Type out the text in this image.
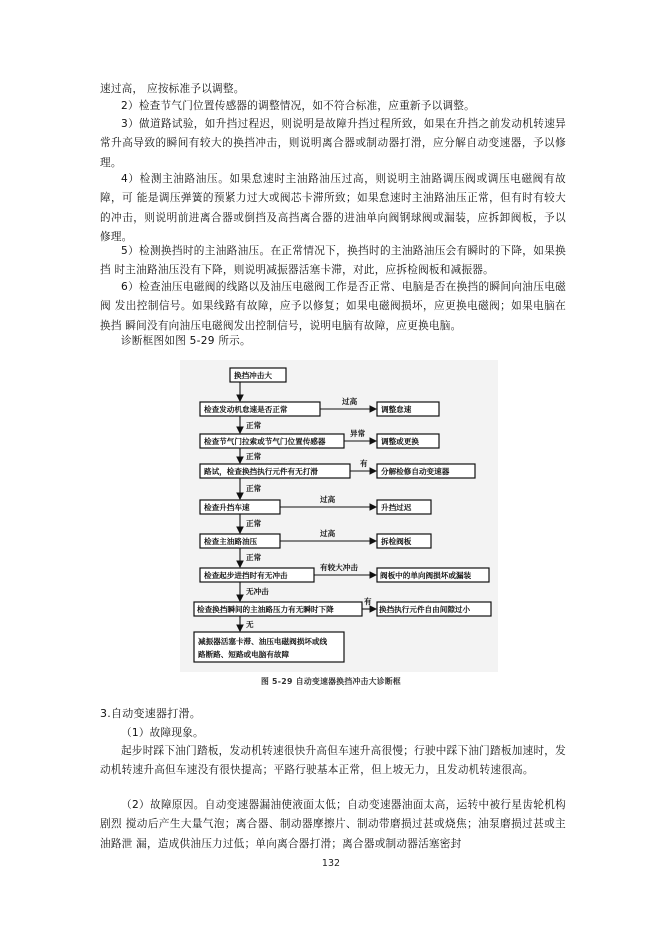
速过高， 应按标准予以调整。

2）检查节气门位置传感器的调整情况，如不符合标准，应重新予以调整。

3）做道路试验，如升挡过程迟，则说明是故障升挡过程所致，如果在升挡之前发动机转速异常升高导致的瞬间有较大的换挡冲击，则说明离合器或制动器打滑，应分解自动变速器，予以修理。

4）检测主油路油压。如果怠速时主油路油压过高，则说明主油路调压阀或调压电磁阀有故障，可 能是调压弹簧的预紧力过大或阀芯卡滞所致；如果怠速时主油路油压正常，但有时有较大的冲击，则说明前进离合器或倒挡及高挡离合器的进油单向阀钢球阀或漏装，应拆卸阀板，予以修理。

5）检测换挡时的主油路油压。在正常情况下，换挡时的主油路油压会有瞬时的下降，如果换挡 时主油路油压没有下降，则说明减振器活塞卡滞，对此，应拆检阀板和减振器。

6）检查油压电磁阀的线路以及油压电磁阀工作是否正常、电脑是否在换挡的瞬间向油压电磁阀 发出控制信号。如果线路有故障，应予以修复；如果电磁阀损坏，应更换电磁阀；如果电脑在换挡 瞬间没有向油压电磁阀发出控制信号，说明电脑有故障，应更换电脑。

诊断框图如图 5-29 所示。

换挡冲击大
检查发动机怠速是否正常
过高
调整怠速
正常
检查节气门拉索或节气门位置传感器
异常
调整或更换
正常
路试，检查换挡执行元件有无打滑
有
分解检修自动变速器
正常
检查升挡车速
过高
升挡过迟
正常
检查主油路油压
过高
拆检阀板
正常
检查起步进挡时有无冲击
有较大冲击
阀板中的单向阀损坏或漏装
无冲击
检查换挡瞬间的主油路压力有无瞬时下降
有
换挡执行元件自由间隙过小
无
减振器活塞卡滞、油压电磁阀损坏或线
路断路、短路或电脑有故障
图 5-29 自动变速器换挡冲击大诊断框

3.自动变速器打滑。

（1）故障现象。

起步时踩下油门踏板，发动机转速很快升高但车速升高很慢；行驶中踩下油门踏板加速时，发 动机转速升高但车速没有很快提高；平路行驶基本正常，但上坡无力，且发动机转速很高。

（2）故障原因。自动变速器漏油使液面太低；自动变速器油面太高，运转中被行星齿轮机构剧烈 搅动后产生大量气泡；离合器、制动器摩擦片、制动带磨损过甚或烧焦；油泵磨损过甚或主油路泄 漏，造成供油压力过低；单向离合器打滑；离合器或制动器活塞密封

132
